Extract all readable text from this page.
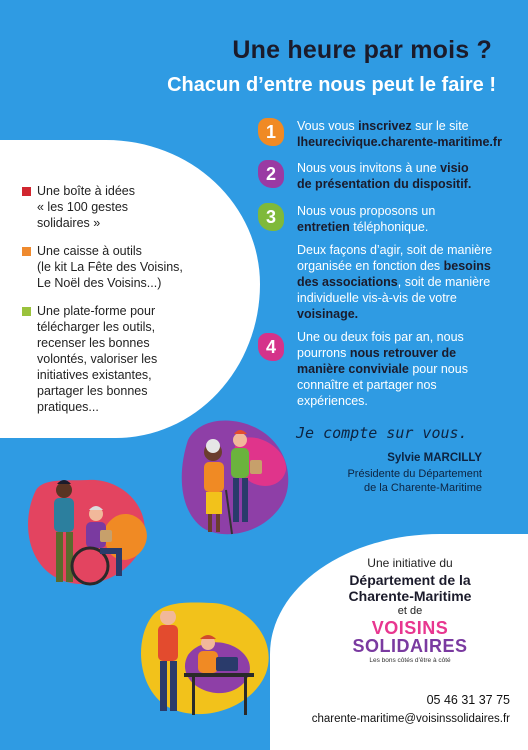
Une heure par mois ?
Chacun d’entre nous peut le faire !
Une boîte à idées
« les 100 gestes
solidaires »
Une caisse à outils
(le kit La Fête des Voisins,
Le Noël des Voisins...)
Une plate-forme pour
télécharger les outils,
recenser les bonnes
volontés, valoriser les
initiatives existantes,
partager les bonnes
pratiques...
1	Vous vous inscrivez sur le site
lheurecivique.charente-maritime.fr
2	Nous vous invitons à une visio
de présentation du dispositif.
3	Nous vous proposons un
entretien téléphonique.
Deux façons d’agir, soit de manière organisée en fonction des besoins des associations, soit de manière individuelle vis-à-vis de votre voisinage.
4	Une ou deux fois par an, nous pourrons nous retrouver de manière conviviale pour nous connaître et partager nos expériences.
Je compte sur vous.
Sylvie MARCILLY
Présidente du Département
de la Charente-Maritime
Une initiative du
Département de la
Charente-Maritime
et de
VOISINS
SOLIDAIRES
Les bons côtés d’être à côté
05 46 31 37 75
charente-maritime@voisinssolidaires.fr
